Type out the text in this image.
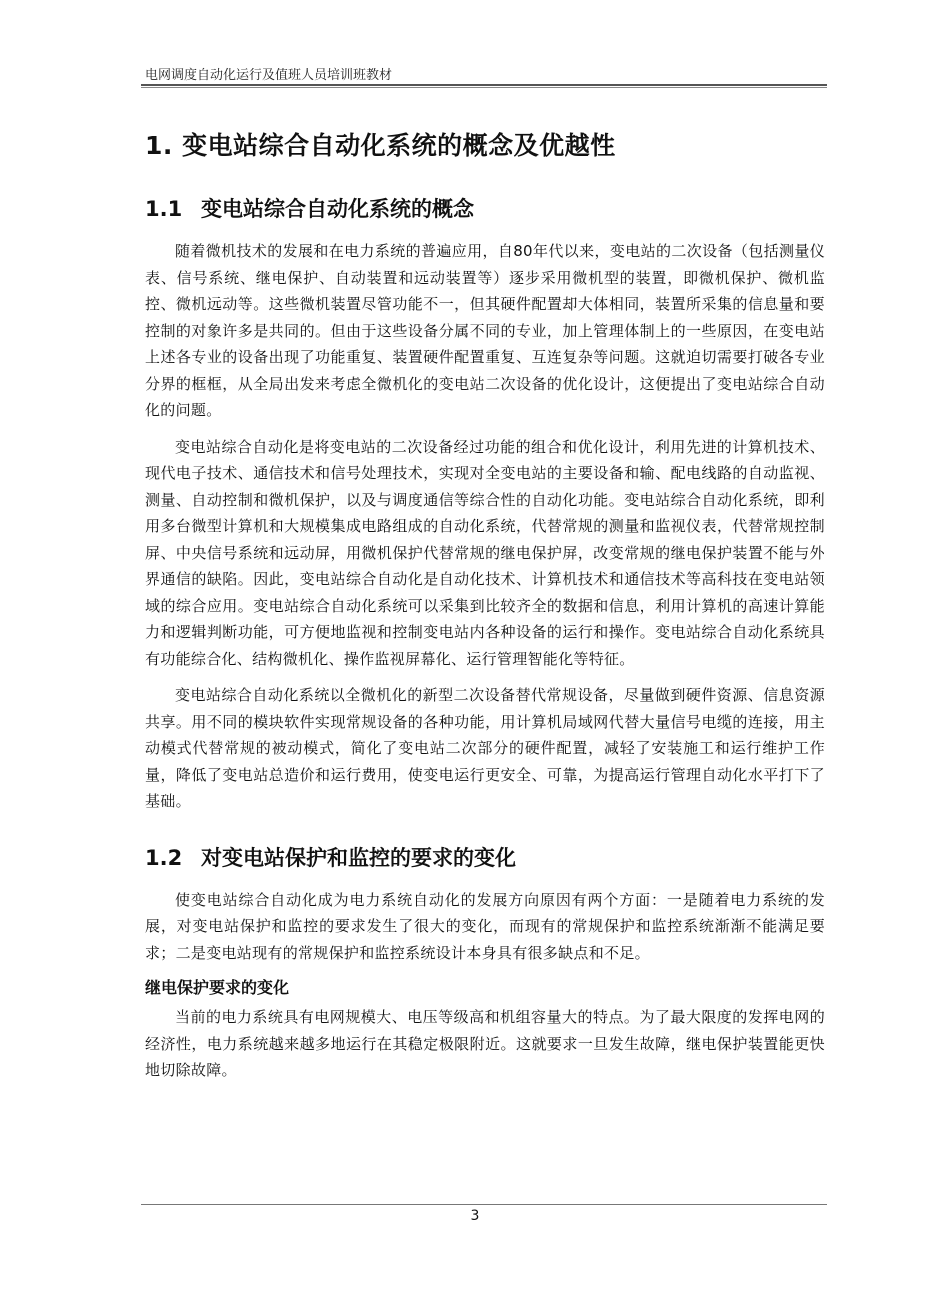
电网调度自动化运行及值班人员培训班教材
1. 变电站综合自动化系统的概念及优越性
1.1 变电站综合自动化系统的概念

随着微机技术的发展和在电力系统的普遍应用，自80年代以来，变电站的二次设备（包括测量仪表、信号系统、继电保护、自动装置和远动装置等）逐步采用微机型的装置，即微机保护、微机监控、微机远动等。这些微机装置尽管功能不一，但其硬件配置却大体相同，装置所采集的信息量和要控制的对象许多是共同的。但由于这些设备分属不同的专业，加上管理体制上的一些原因，在变电站上述各专业的设备出现了功能重复、装置硬件配置重复、互连复杂等问题。这就迫切需要打破各专业分界的框框，从全局出发来考虑全微机化的变电站二次设备的优化设计，这便提出了变电站综合自动化的问题。

变电站综合自动化是将变电站的二次设备经过功能的组合和优化设计，利用先进的计算机技术、现代电子技术、通信技术和信号处理技术，实现对全变电站的主要设备和输、配电线路的自动监视、测量、自动控制和微机保护，以及与调度通信等综合性的自动化功能。变电站综合自动化系统，即利用多台微型计算机和大规模集成电路组成的自动化系统，代替常规的测量和监视仪表，代替常规控制屏、中央信号系统和远动屏，用微机保护代替常规的继电保护屏，改变常规的继电保护装置不能与外界通信的缺陷。因此，变电站综合自动化是自动化技术、计算机技术和通信技术等高科技在变电站领域的综合应用。变电站综合自动化系统可以采集到比较齐全的数据和信息，利用计算机的高速计算能力和逻辑判断功能，可方便地监视和控制变电站内各种设备的运行和操作。变电站综合自动化系统具有功能综合化、结构微机化、操作监视屏幕化、运行管理智能化等特征。

变电站综合自动化系统以全微机化的新型二次设备替代常规设备，尽量做到硬件资源、信息资源共享。用不同的模块软件实现常规设备的各种功能，用计算机局域网代替大量信号电缆的连接，用主动模式代替常规的被动模式，简化了变电站二次部分的硬件配置，减轻了安装施工和运行维护工作量，降低了变电站总造价和运行费用，使变电运行更安全、可靠，为提高运行管理自动化水平打下了基础。

1.2 对变电站保护和监控的要求的变化

使变电站综合自动化成为电力系统自动化的发展方向原因有两个方面：一是随着电力系统的发展，对变电站保护和监控的要求发生了很大的变化，而现有的常规保护和监控系统渐渐不能满足要求；二是变电站现有的常规保护和监控系统设计本身具有很多缺点和不足。

继电保护要求的变化

当前的电力系统具有电网规模大、电压等级高和机组容量大的特点。为了最大限度的发挥电网的经济性，电力系统越来越多地运行在其稳定极限附近。这就要求一旦发生故障，继电保护装置能更快地切除故障。

3
